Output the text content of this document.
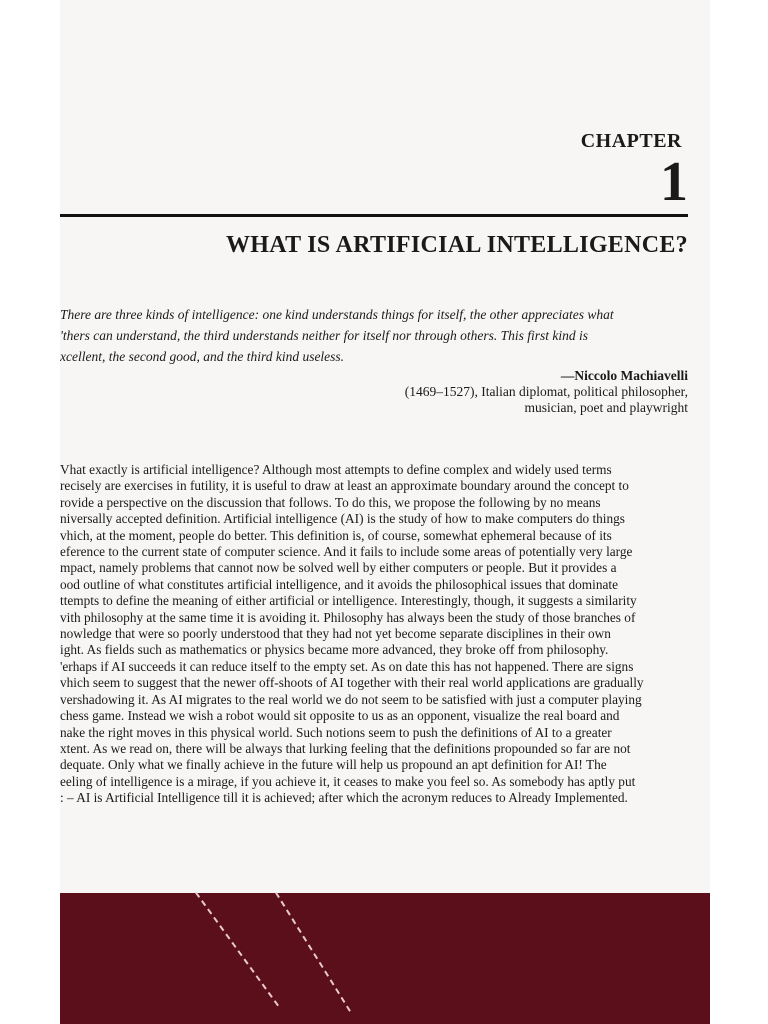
CHAPTER
1
WHAT IS ARTIFICIAL INTELLIGENCE?
There are three kinds of intelligence: one kind understands things for itself, the other appreciates what
'thers can understand, the third understands neither for itself nor through others. This first kind is
xcellent, the second good, and the third kind useless.
—Niccolo Machiavelli
(1469–1527), Italian diplomat, political philosopher,
musician, poet and playwright
Vhat exactly is artificial intelligence? Although most attempts to define complex and widely used terms
recisely are exercises in futility, it is useful to draw at least an approximate boundary around the concept to
rovide a perspective on the discussion that follows. To do this, we propose the following by no means
niversally accepted definition. Artificial intelligence (AI) is the study of how to make computers do things
vhich, at the moment, people do better. This definition is, of course, somewhat ephemeral because of its
eference to the current state of computer science. And it fails to include some areas of potentially very large
mpact, namely problems that cannot now be solved well by either computers or people. But it provides a
ood outline of what constitutes artificial intelligence, and it avoids the philosophical issues that dominate
ttempts to define the meaning of either artificial or intelligence. Interestingly, though, it suggests a similarity
vith philosophy at the same time it is avoiding it. Philosophy has always been the study of those branches of
nowledge that were so poorly understood that they had not yet become separate disciplines in their own
ight. As fields such as mathematics or physics became more advanced, they broke off from philosophy.
'erhaps if AI succeeds it can reduce itself to the empty set. As on date this has not happened. There are signs
vhich seem to suggest that the newer off-shoots of AI together with their real world applications are gradually
vershadowing it. As AI migrates to the real world we do not seem to be satisfied with just a computer playing
chess game. Instead we wish a robot would sit opposite to us as an opponent, visualize the real board and
nake the right moves in this physical world. Such notions seem to push the definitions of AI to a greater
xtent. As we read on, there will be always that lurking feeling that the definitions propounded so far are not
dequate. Only what we finally achieve in the future will help us propound an apt definition for AI! The
eeling of intelligence is a mirage, if you achieve it, it ceases to make you feel so. As somebody has aptly put
: – AI is Artificial Intelligence till it is achieved; after which the acronym reduces to Already Implemented.
